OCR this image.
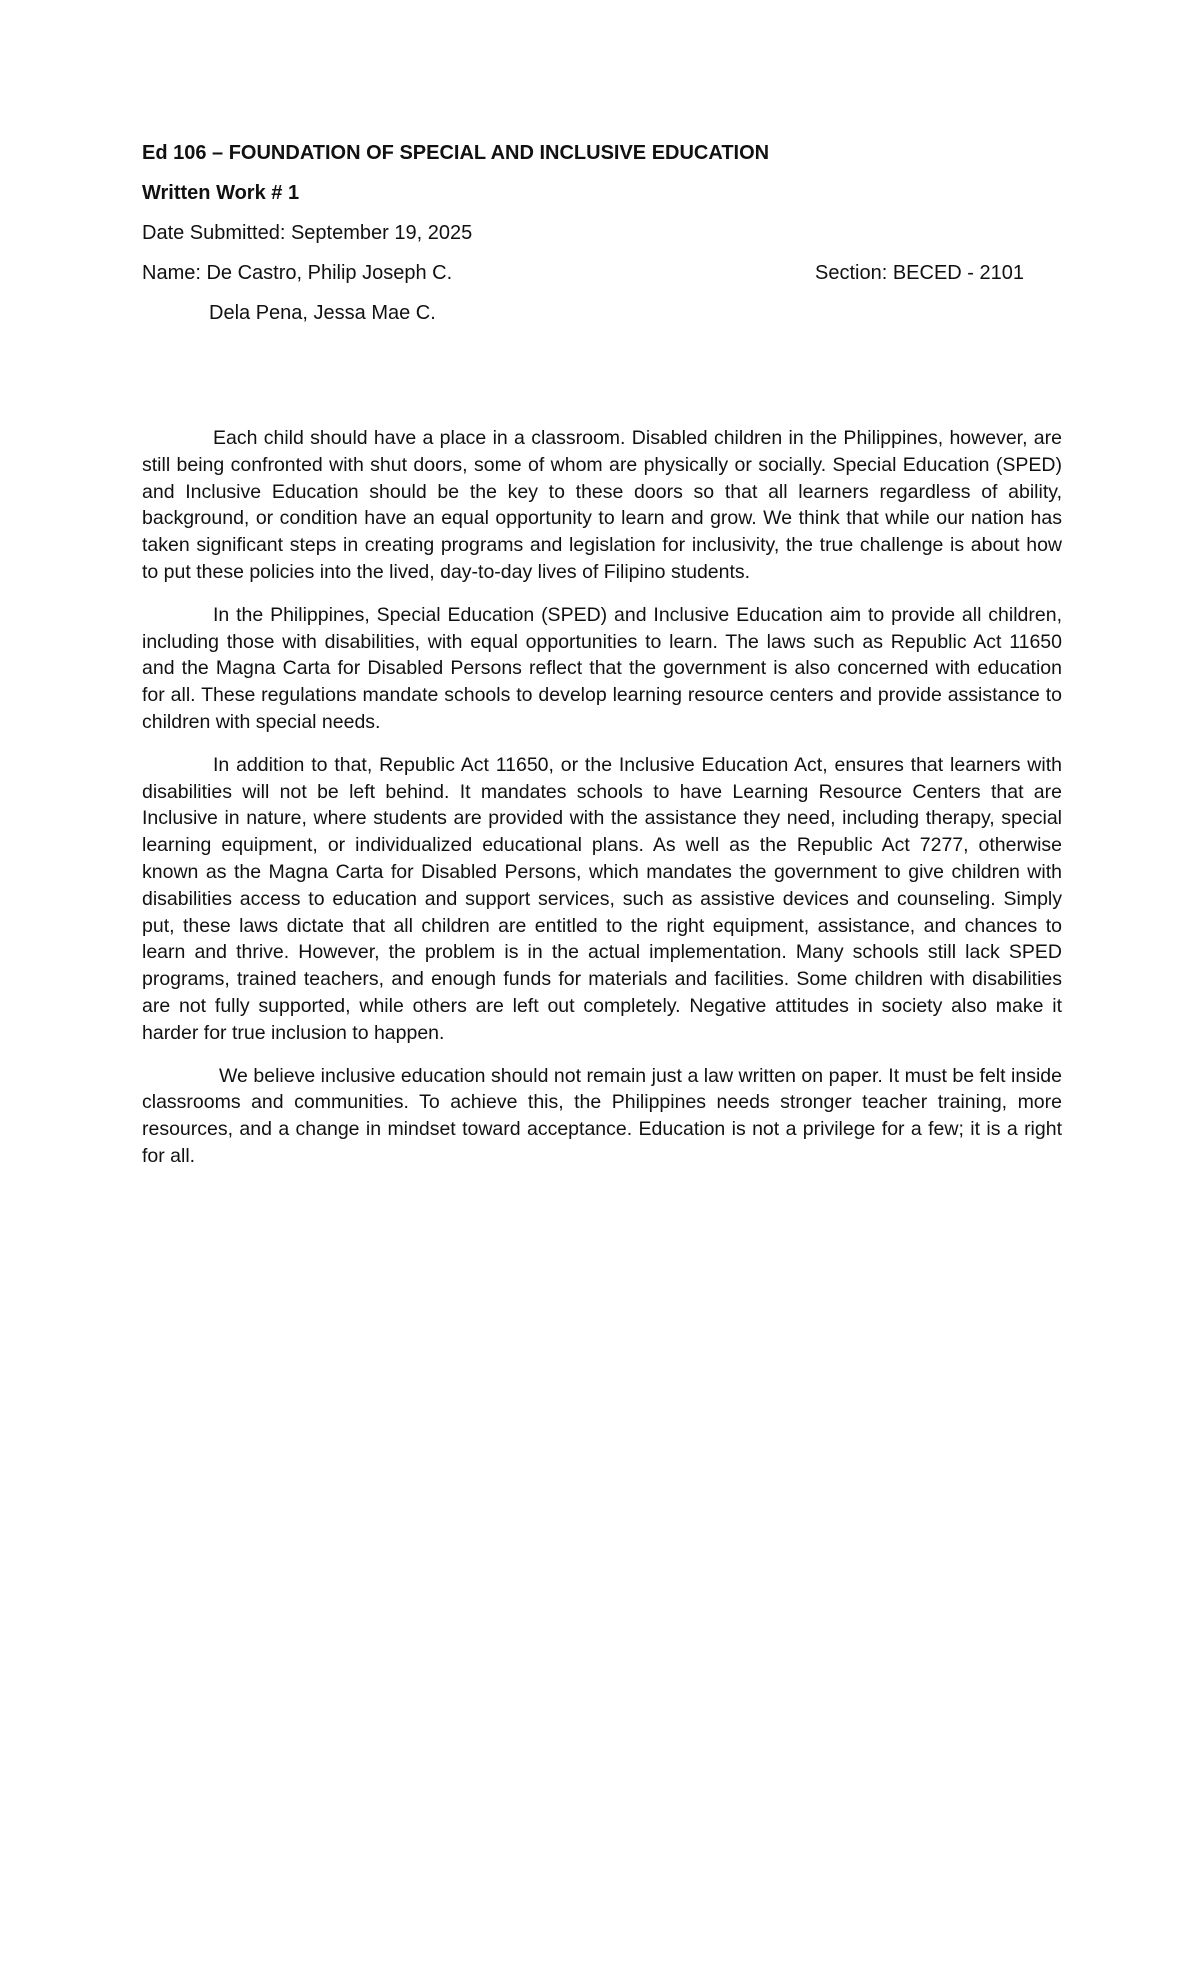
Ed 106 – FOUNDATION OF SPECIAL AND INCLUSIVE EDUCATION
Written Work # 1
Date Submitted: September 19, 2025
Name: De Castro, Philip Joseph C.	Section: BECED - 2101
Dela Pena, Jessa Mae C.

Each child should have a place in a classroom. Disabled children in the Philippines, however, are still being confronted with shut doors, some of whom are physically or socially. Special Education (SPED) and Inclusive Education should be the key to these doors so that all learners regardless of ability, background, or condition have an equal opportunity to learn and grow. We think that while our nation has taken significant steps in creating programs and legislation for inclusivity, the true challenge is about how to put these policies into the lived, day-to-day lives of Filipino students.

In the Philippines, Special Education (SPED) and Inclusive Education aim to provide all children, including those with disabilities, with equal opportunities to learn. The laws such as Republic Act 11650 and the Magna Carta for Disabled Persons reflect that the government is also concerned with education for all. These regulations mandate schools to develop learning resource centers and provide assistance to children with special needs.

In addition to that, Republic Act 11650, or the Inclusive Education Act, ensures that learners with disabilities will not be left behind. It mandates schools to have Learning Resource Centers that are Inclusive in nature, where students are provided with the assistance they need, including therapy, special learning equipment, or individualized educational plans. As well as the Republic Act 7277, otherwise known as the Magna Carta for Disabled Persons, which mandates the government to give children with disabilities access to education and support services, such as assistive devices and counseling. Simply put, these laws dictate that all children are entitled to the right equipment, assistance, and chances to learn and thrive. However, the problem is in the actual implementation. Many schools still lack SPED programs, trained teachers, and enough funds for materials and facilities. Some children with disabilities are not fully supported, while others are left out completely. Negative attitudes in society also make it harder for true inclusion to happen.

We believe inclusive education should not remain just a law written on paper. It must be felt inside classrooms and communities. To achieve this, the Philippines needs stronger teacher training, more resources, and a change in mindset toward acceptance. Education is not a privilege for a few; it is a right for all.
